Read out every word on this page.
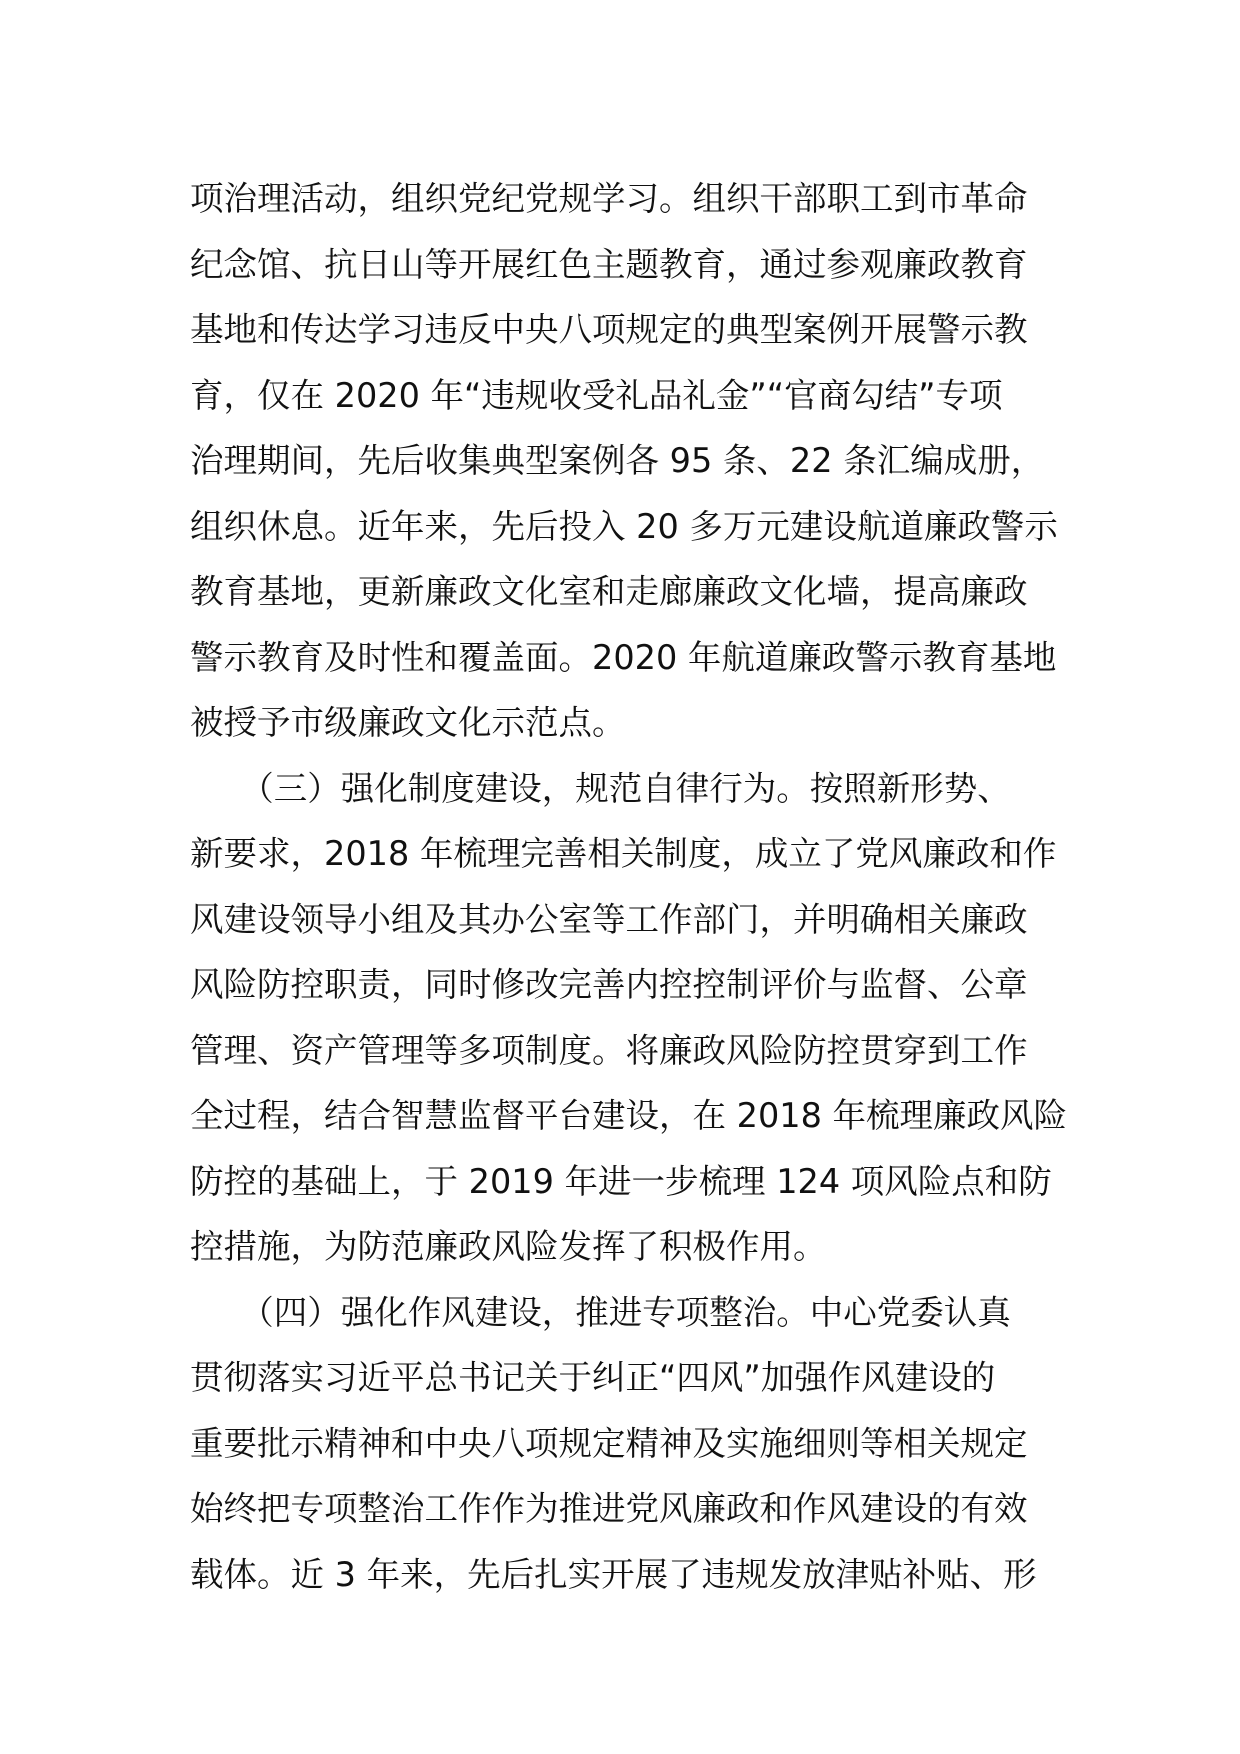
项治理活动，组织党纪党规学习。组织干部职工到市革命
纪念馆、抗日山等开展红色主题教育，通过参观廉政教育
基地和传达学习违反中央八项规定的典型案例开展警示教
育，仅在 2020 年“违规收受礼品礼金”“官商勾结”专项
治理期间，先后收集典型案例各 95 条、22 条汇编成册，
组织休息。近年来，先后投入 20 多万元建设航道廉政警示
教育基地，更新廉政文化室和走廊廉政文化墙，提高廉政
警示教育及时性和覆盖面。2020 年航道廉政警示教育基地
被授予市级廉政文化示范点。
　　（三）强化制度建设，规范自律行为。按照新形势、
新要求，2018 年梳理完善相关制度，成立了党风廉政和作
风建设领导小组及其办公室等工作部门，并明确相关廉政
风险防控职责，同时修改完善内控控制评价与监督、公章
管理、资产管理等多项制度。将廉政风险防控贯穿到工作
全过程，结合智慧监督平台建设，在 2018 年梳理廉政风险
防控的基础上，于 2019 年进一步梳理 124 项风险点和防
控措施，为防范廉政风险发挥了积极作用。
　　（四）强化作风建设，推进专项整治。中心党委认真
贯彻落实习近平总书记关于纠正“四风”加强作风建设的
重要批示精神和中央八项规定精神及实施细则等相关规定
始终把专项整治工作作为推进党风廉政和作风建设的有效
载体。近 3 年来，先后扎实开展了违规发放津贴补贴、形
